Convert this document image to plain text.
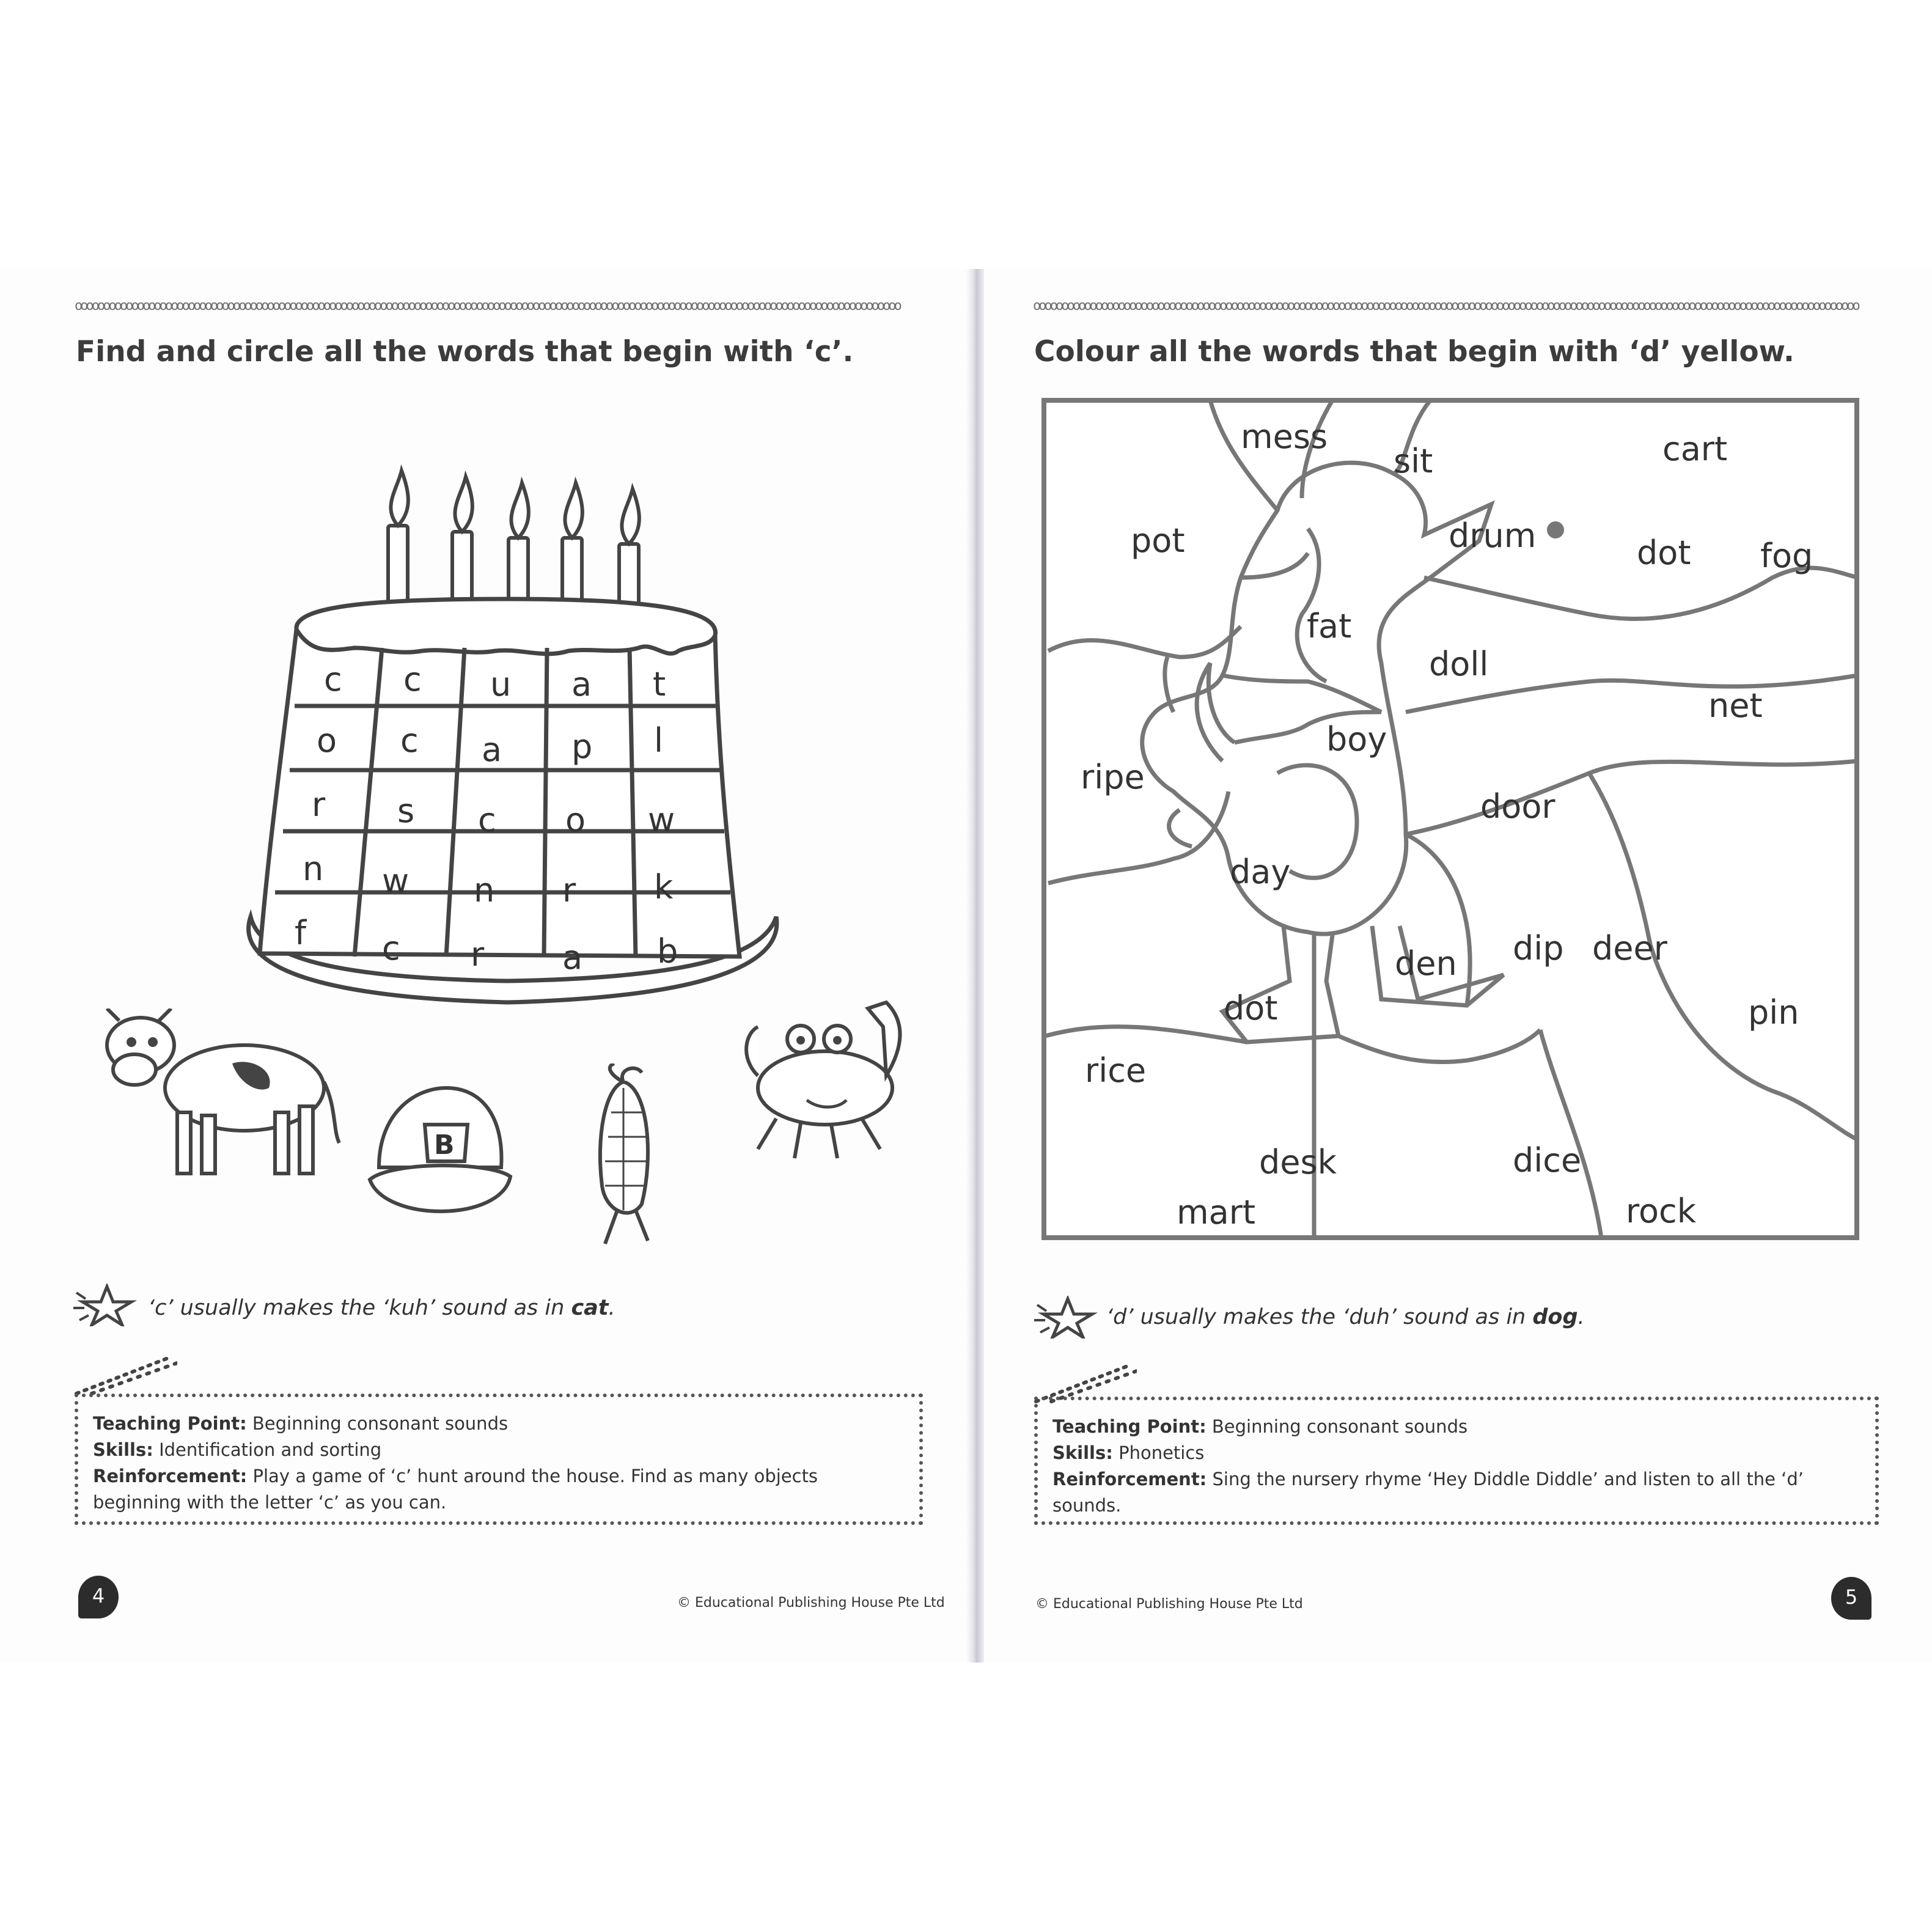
oooooooooooooooooooooooooooooooooooooooooooooooooooooooooooooooooooooooooooooooooooooooooooooooooooooooooooooooooooooooooooooooooooooooooooooooooo	oooooooooooooooooooooooooooooooooooooooooooooooooooooooooooooooooooooooooooooooooooooooooooooooooooooooooooooooooooooooooooooooooooooooooooooooooo
Find and circle all the words that begin with ‘c’.
c c u a t
o c a p l
r s c o w
n w n r k
f c r a b
B
‘c’ usually makes the ‘kuh’ sound as in cat.
Teaching Point: Beginning consonant sounds
Skills: Identification and sorting
Reinforcement: Play a game of ‘c’ hunt around the house. Find as many objects beginning with the letter ‘c’ as you can.
4	© Educational Publishing House Pte Ltd
Colour all the words that begin with ‘d’ yellow.
mess
sit	cart
pot	drum	dot fog
fat
doll
net
boy
ripe
door
day
den dip deer
dot	pin
rice
desk	dice
mart	rock
‘d’ usually makes the ‘duh’ sound as in dog.
Teaching Point: Beginning consonant sounds
Skills: Phonetics
Reinforcement: Sing the nursery rhyme ‘Hey Diddle Diddle’ and listen to all the ‘d’ sounds.
© Educational Publishing House Pte Ltd	5
